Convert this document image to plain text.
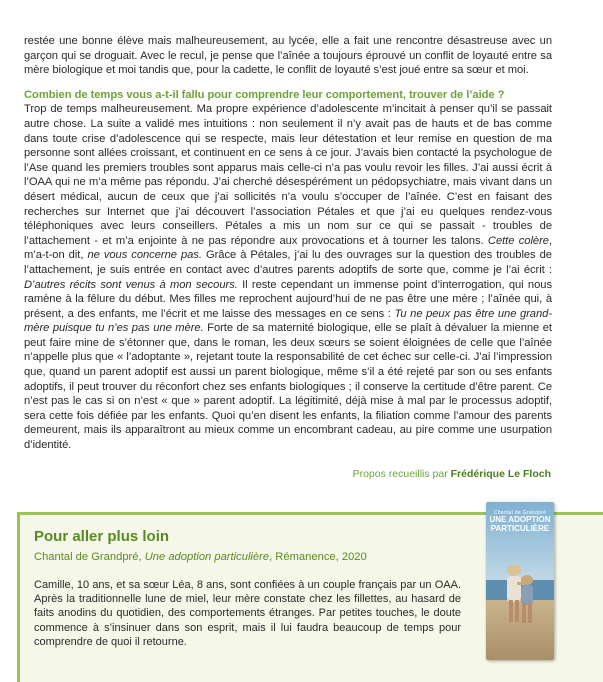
restée une bonne élève mais malheureusement, au lycée, elle a fait une rencontre désastreuse avec un garçon qui se droguait. Avec le recul, je pense que l’aînée a toujours éprouvé un conflit de loyauté entre sa mère biologique et moi tandis que, pour la cadette, le conflit de loyauté s’est joué entre sa sœur et moi.

Combien de temps vous a-t-il fallu pour comprendre leur comportement, trouver de l’aide ?

Trop de temps malheureusement. Ma propre expérience d’adolescente m’incitait à penser qu’il se passait autre chose. La suite a validé mes intuitions : non seulement il n’y avait pas de hauts et de bas comme dans toute crise d’adolescence qui se respecte, mais leur détestation et leur remise en question de ma personne sont allées croissant, et continuent en ce sens à ce jour. J’avais bien contacté la psychologue de l’Ase quand les premiers troubles sont apparus mais celle-ci n’a pas voulu revoir les filles. J’ai aussi écrit à l’OAA qui ne m’a même pas répondu. J’ai cherché désespérément un pédopsychiatre, mais vivant dans un désert médical, aucun de ceux que j’ai sollicités n’a voulu s’occuper de l’aînée. C’est en faisant des recherches sur Internet que j’ai découvert l’association Pétales et que j’ai eu quelques rendez-vous téléphoniques avec leurs conseillers. Pétales a mis un nom sur ce qui se passait - troubles de l’attachement - et m’a enjointe à ne pas répondre aux provocations et à tourner les talons. Cette colère, m’a-t-on dit, ne vous concerne pas. Grâce à Pétales, j’ai lu des ouvrages sur la question des troubles de l’attachement, je suis entrée en contact avec d’autres parents adoptifs de sorte que, comme je l’ai écrit : D’autres récits sont venus à mon secours. Il reste cependant un immense point d’interrogation, qui nous ramène à la fêlure du début. Mes filles me reprochent aujourd’hui de ne pas être une mère ; l’aînée qui, à présent, a des enfants, me l’écrit et me laisse des messages en ce sens : Tu ne peux pas être une grand-mère puisque tu n’es pas une mère. Forte de sa maternité biologique, elle se plaît à dévaluer la mienne et peut faire mine de s’étonner que, dans le roman, les deux sœurs se soient éloignées de celle que l’aînée n’appelle plus que « l’adoptante », rejetant toute la responsabilité de cet échec sur celle-ci. J’ai l’impression que, quand un parent adoptif est aussi un parent biologique, même s’il a été rejeté par son ou ses enfants adoptifs, il peut trouver du réconfort chez ses enfants biologiques ; il conserve la certitude d’être parent. Ce n’est pas le cas si on n’est « que » parent adoptif. La légitimité, déjà mise à mal par le processus adoptif, sera cette fois défiée par les enfants. Quoi qu’en disent les enfants, la filiation comme l’amour des parents demeurent, mais ils apparaîtront au mieux comme un encombrant cadeau, au pire comme une usurpation d’identité.

Propos recueillis par Frédérique Le Floch
Pour aller plus loin
Chantal de Grandpré, Une adoption particulière, Rémanence, 2020
Camille, 10 ans, et sa sœur Léa, 8 ans, sont confiées à un couple français par un OAA. Après la traditionnelle lune de miel, leur mère constate chez les fillettes, au hasard de faits anodins du quotidien, des comportements étranges. Par petites touches, le doute commence à s’insinuer dans son esprit, mais il lui faudra beaucoup de temps pour comprendre de quoi il retourne.
Chantal de Grandpré
UNE ADOPTION
PARTICULIÈRE
